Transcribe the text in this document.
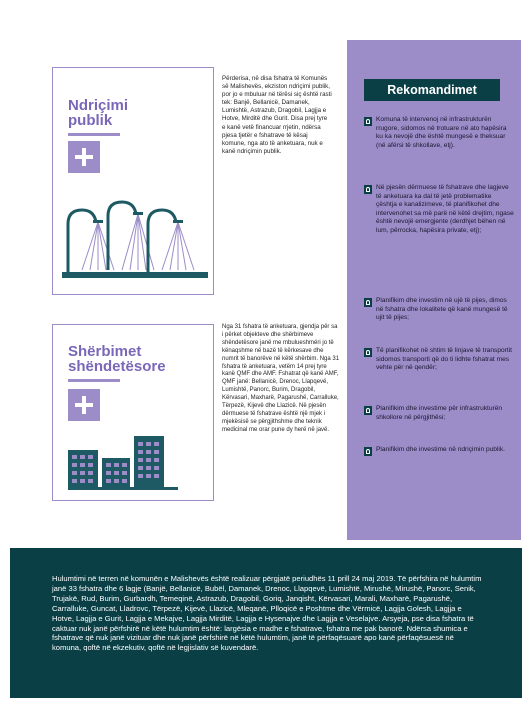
Ndriçimi
publik
Përderisa, në disa fshatra të Komunës së Malishevës, ekziston ndriçimi publik, por jo e mbuluar në tërësi siç është rasti tek: Banjë, Bellanicë, Damanek, Lumishtë, Astrazub, Dragobil, Lagjja e Hotve, Mirditë dhe Gurit. Disa prej tyre e kanë vetë financuar rrjetin, ndërsa pjesa tjetër e fshatrave të kësaj komune, nga ato të anketuara, nuk e kanë ndriçimin publik.
Shërbimet
shëndetësore
Nga 31 fshatra të anketuara, gjendja për sa i përket objekteve dhe shërbimeve shëndetësore janë me mbulueshmëri jo të kënaqshme në bazë të kërkesave dhe numrit të banorëve në këtë shërbim. Nga 31 fshatra të anketuara, vetëm 14 prej tyre kanë QMF dhe AMF. Fshatrat që kanë AMF, QMF janë: Bellanicë, Drenoc, Llapqevë, Lumishtë, Panorc, Burim, Dragobil, Kërvasari, Maxharë, Pagarushë, Carralluke, Tërpezë, Kijevë dhe Llazicë. Në pjesën dërmuese të fshatrave është një mjek i mjekësisë se përgjithshme dhe teknik medicinal me orar pune dy herë në javë.
Rekomandimet
Komuna të intervenoj në infrastrukturën rrugore, sidomos në trotuare në ato hapësira ku ka nevojë dhe është mungesë e theksuar (në afërsi të shkollave, etj).
Në pjesën dërmuese të fshatrave dhe lagjeve të anketuara ka dal të jetë problematike çështja e kanalizimeve, të planifikohet dhe intervenohet sa më parë në këtë drejtim, ngase është nevojë emergjente (derdhjet bëhen në lum, përrocka, hapësira private, etj);
Planifikim dhe investim në ujë të pijes, dimos në fshatra dhe lokalitete që kanë mungesë të ujit të pijes;
Të planifikohet në shtim të linjave të transportit sidomos transporti që do ti lidhte fshatrat mes vehte për në qendër;
Planifikim dhe investime për infrastrukturën shkollore në përgjithësi;
Planifikim dhe investime në ndriçimin publik.
Hulumtimi në terren në komunën e Malishevës është realizuar përgjatë periudhës 11 prill 24 maj 2019. Të përfshira në hulumtim janë 33 fshatra dhe 6 lagje (Banjë, Bellanicë, Bubël, Damanek, Drenoc, Llapqevë, Lumishtë, Mirushë, Mirushë, Panorc, Senik, Trujakë, Rud, Burim, Gurbardh, Temeqinë, Astrazub, Dragobil, Goriq, Janqisht, Kërvasari, Marali, Maxharë, Pagarushë, Carralluke, Guncat, Lladrovc, Tërpezë, Kijevë, Llazicë, Mleqanë, Plloqicë e Poshtme dhe Vërmicë, Lagjja Golesh, Lagjja e Hotve, Lagjja e Gurit, Lagjja e Mekajve, Lagjja Mirditë, Lagjja e Hysenajve dhe Lagjja e Veselajve. Arsyeja, pse disa fshatra të caktuar nuk janë përfshirë në këtë hulumtim është: largësia e madhe e fshatrave, fshatra me pak banorë. Ndërsa shumica e fshatrave që nuk janë vizituar dhe nuk janë përfshirë në këtë hulumtim, janë të përfaqësuarë apo kanë përfaqësuesë në komuna, qoftë në ekzekutiv, qoftë në legjislativ së kuvendarë.
